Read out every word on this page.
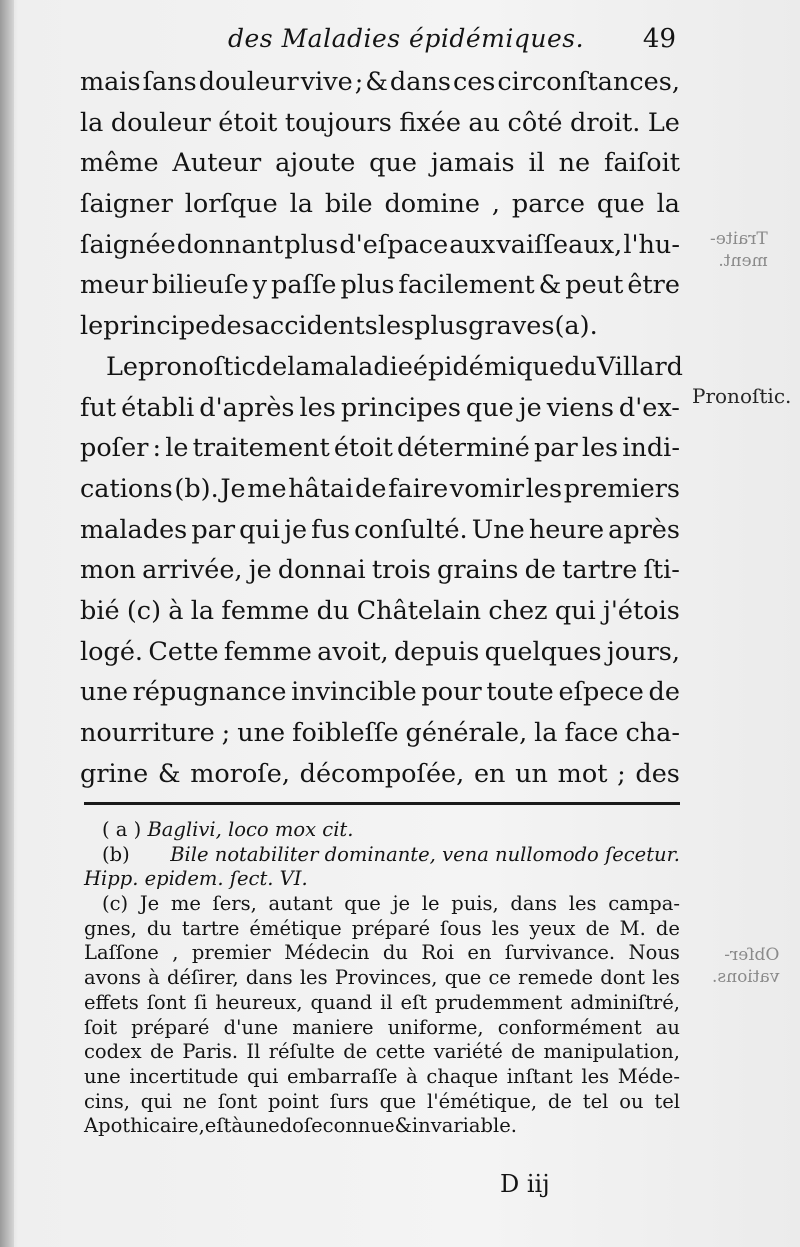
des Maladies épidémiques. 49
mais ſans douleur vive ; & dans ces circonſtances,
la douleur étoit toujours fixée au côté droit. Le
même Auteur ajoute que jamais il ne faiſoit
ſaigner lorſque la bile domine , parce que la
ſaignée donnant plus d'eſpace aux vaiſſeaux, l'hu-
meur bilieuſe y paſſe plus facilement & peut être
le principe des accidents les plus graves (a).
Le pronoſtic de la maladie épidémique du Villard
fut établi d'après les principes que je viens d'ex-
poſer : le traitement étoit déterminé par les indi-
cations (b). Je me hâtai de faire vomir les premiers
malades par qui je fus conſulté. Une heure après
mon arrivée, je donnai trois grains de tartre ſti-
bié (c) à la femme du Châtelain chez qui j'étois
logé. Cette femme avoit, depuis quelques jours,
une répugnance invincible pour toute eſpece de
nourriture ; une foibleſſe générale, la face cha-
grine & moroſe, décompoſée, en un mot ; des
Traite-
ment.
Pronoſtic.
Obſer-
vations.
( a )
Baglivi, loco mox cit.
(b)
Bile notabiliter dominante, vena nullomodo ſecetur.
Hipp. epidem. ſect. VI.
(c) Je me ſers, autant que je le puis, dans les campa-
gnes, du tartre émétique préparé ſous les yeux de M. de
Laſſone , premier Médecin du Roi en ſurvivance. Nous
avons à déſirer, dans les Provinces, que ce remede dont les
effets ſont ſi heureux, quand il eſt prudemment adminiſtré,
ſoit préparé d'une maniere uniforme, conformément au
codex de Paris. Il réſulte de cette variété de manipulation,
une incertitude qui embarraſſe à chaque inſtant les Méde-
cins, qui ne ſont point ſurs que l'émétique, de tel ou tel
Apothicaire, eſt à une doſe connue & invariable.
D iij
